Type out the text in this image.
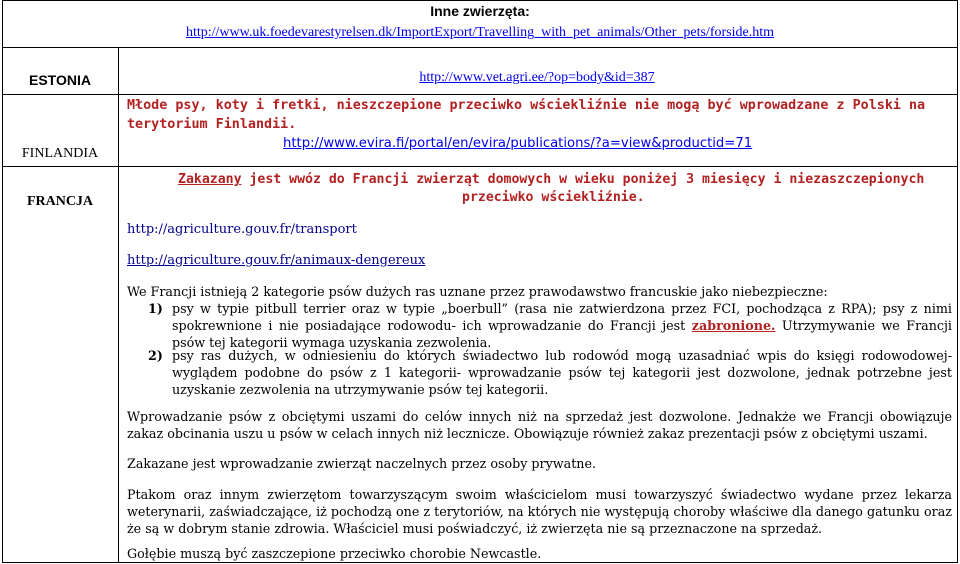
Inne zwierzęta:
http://www.uk.foedevarestyrelsen.dk/ImportExport/Travelling_with_pet_animals/Other_pets/forside.htm
ESTONIA	http://www.vet.agri.ee/?op=body&id=387
FINLANDIA
Młode psy, koty i fretki, nieszczepione przeciwko wściekliźnie nie mogą być wprowadzane z Polski na
terytorium Finlandii.
http://www.evira.fi/portal/en/evira/publications/?a=view&productid=71
FRANCJA
Zakazany jest wwóz do Francji zwierząt domowych w wieku poniżej 3 miesięcy i niezaszczepionych
przeciwko wściekliźnie.
http://agriculture.gouv.fr/transport
http://agriculture.gouv.fr/animaux-dengereux
We Francji istnieją 2 kategorie psów dużych ras uznane przez prawodawstwo francuskie jako niebezpieczne:
1) psy w typie pitbull terrier oraz w typie „boerbull” (rasa nie zatwierdzona przez FCI, pochodząca z RPA); psy z nimi spokrewnione i nie posiadające rodowodu- ich wprowadzanie do Francji jest zabronione. Utrzymywanie we Francji psów tej kategorii wymaga uzyskania zezwolenia.
2) psy ras dużych, w odniesieniu do których świadectwo lub rodowód mogą uzasadniać wpis do księgi rodowodowej- wyglądem podobne do psów z 1 kategorii- wprowadzanie psów tej kategorii jest dozwolone, jednak potrzebne jest uzyskanie zezwolenia na utrzymywanie psów tej kategorii.
Wprowadzanie psów z obciętymi uszami do celów innych niż na sprzedaż jest dozwolone. Jednakże we Francji obowiązuje zakaz obcinania uszu u psów w celach innych niż lecznicze. Obowiązuje również zakaz prezentacji psów z obciętymi uszami.
Zakazane jest wprowadzanie zwierząt naczelnych przez osoby prywatne.
Ptakom oraz innym zwierzętom towarzyszącym swoim właścicielom musi towarzyszyć świadectwo wydane przez lekarza weterynarii, zaświadczające, iż pochodzą one z terytoriów, na których nie występują choroby właściwe dla danego gatunku oraz że są w dobrym stanie zdrowia. Właściciel musi poświadczyć, iż zwierzęta nie są przeznaczone na sprzedaż.
Gołębie muszą być zaszczepione przeciwko chorobie Newcastle.
